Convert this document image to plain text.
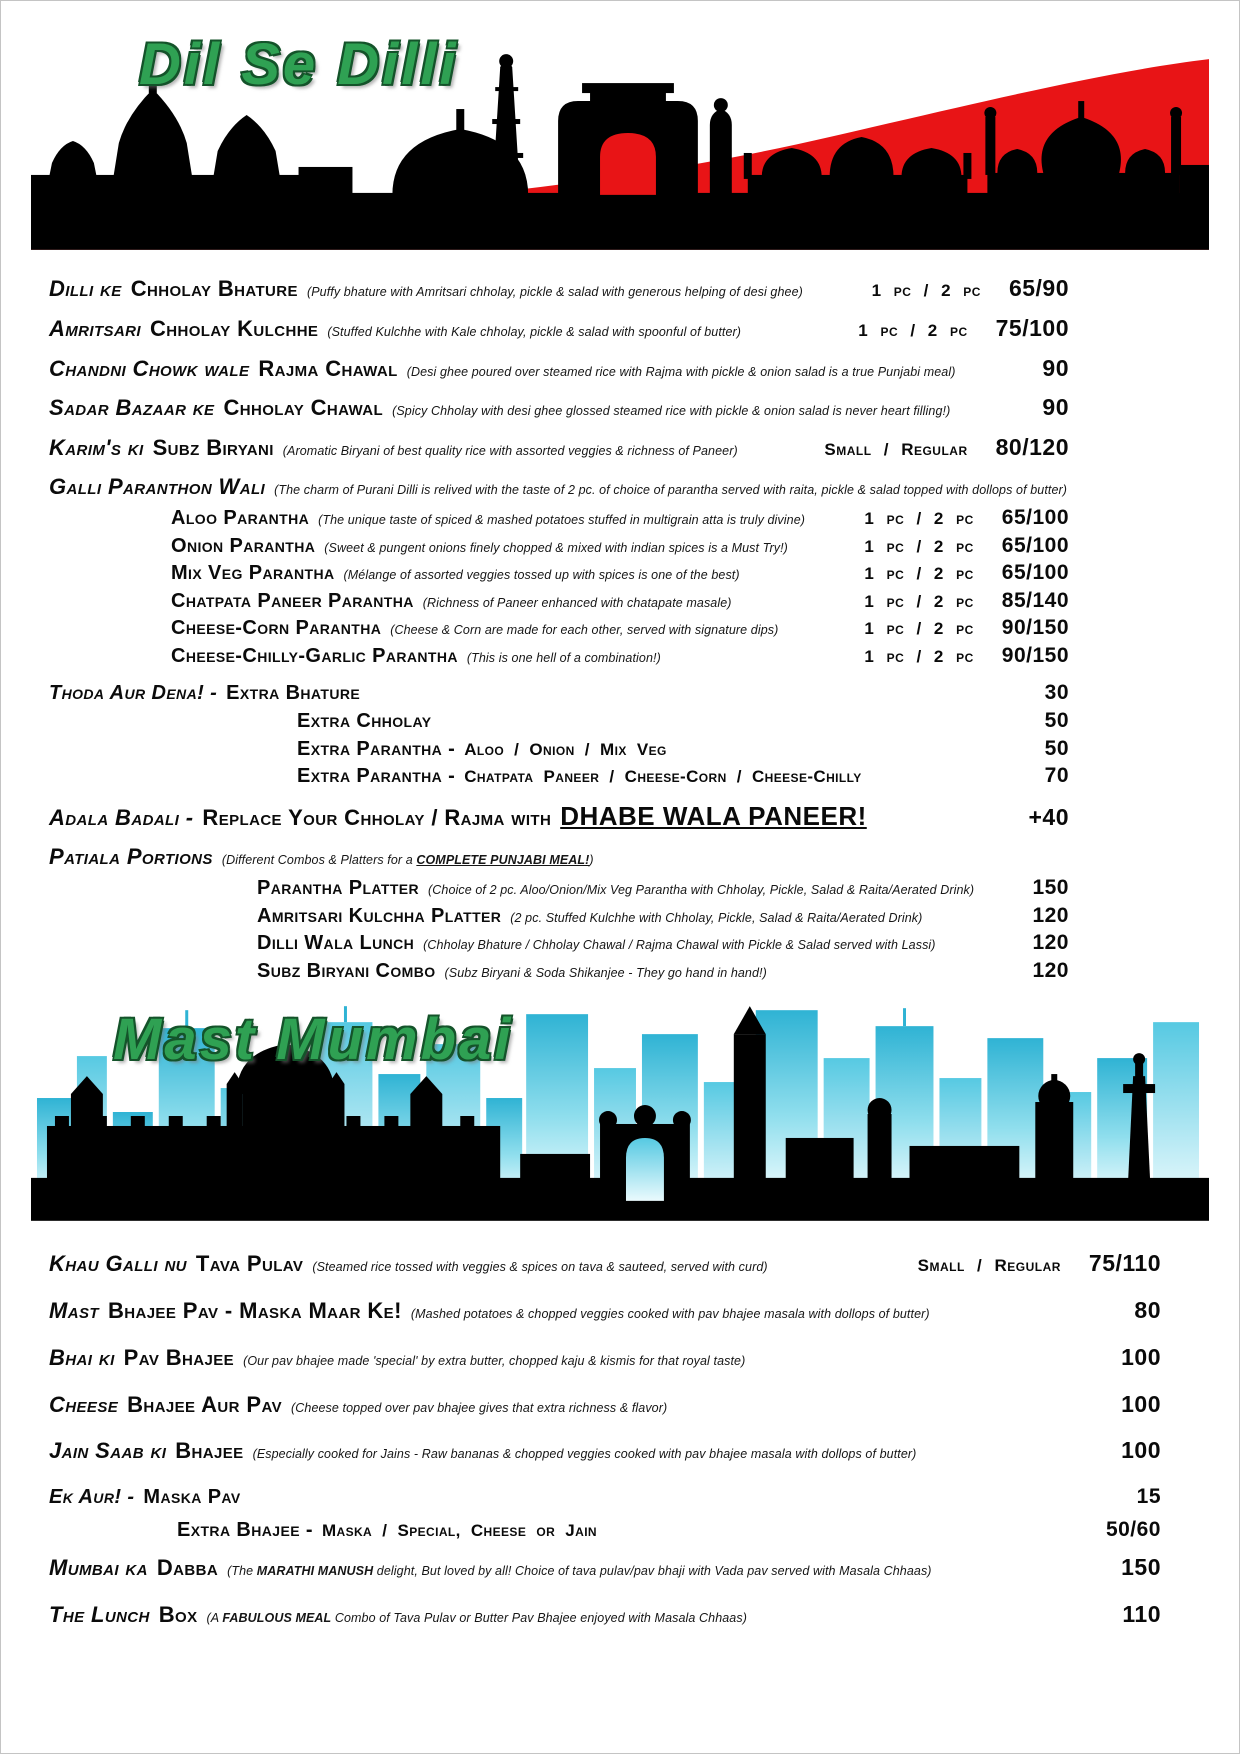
Dil Se Dilli
Dilli ke Chholay Bhature (Puffy bhature with Amritsari chholay, pickle & salad with generous helping of desi ghee)	1 pc / 2 pc	65/90
Amritsari Chholay Kulchhe (Stuffed Kulchhe with Kale chholay, pickle & salad with spoonful of butter)	1 pc / 2 pc	75/100
Chandni Chowk wale Rajma Chawal (Desi ghee poured over steamed rice with Rajma with pickle & onion salad is a true Punjabi meal)	90
Sadar Bazaar ke Chholay Chawal (Spicy Chholay with desi ghee glossed steamed rice with pickle & onion salad is never heart filling!)	90
Karim's ki Subz Biryani (Aromatic Biryani of best quality rice with assorted veggies & richness of Paneer)	Small / Regular	80/120
Galli Paranthon Wali (The charm of Purani Dilli is relived with the taste of 2 pc. of choice of parantha served with raita, pickle & salad topped with dollops of butter)
Aloo Parantha (The unique taste of spiced & mashed potatoes stuffed in multigrain atta is truly divine)	1 pc / 2 pc	65/100
Onion Parantha (Sweet & pungent onions finely chopped & mixed with indian spices is a Must Try!)	1 pc / 2 pc	65/100
Mix Veg Parantha (Mélange of assorted veggies tossed up with spices is one of the best)	1 pc / 2 pc	65/100
Chatpata Paneer Parantha (Richness of Paneer enhanced with chatapate masale)	1 pc / 2 pc	85/140
Cheese-Corn Parantha (Cheese & Corn are made for each other, served with signature dips)	1 pc / 2 pc	90/150
Cheese-Chilly-Garlic Parantha (This is one hell of a combination!)	1 pc / 2 pc	90/150
Thoda Aur Dena! - Extra Bhature	30
Extra Chholay	50
Extra Parantha - Aloo / Onion / Mix Veg	50
Extra Parantha - Chatpata Paneer / Cheese-Corn / Cheese-Chilly	70
Adala Badali - Replace Your Chholay / Rajma with DHABE WALA PANEER!	+40
Patiala Portions (Different Combos & Platters for a COMPLETE PUNJABI MEAL!)
Parantha Platter (Choice of 2 pc. Aloo/Onion/Mix Veg Parantha with Chholay, Pickle, Salad & Raita/Aerated Drink)	150
Amritsari Kulchha Platter (2 pc. Stuffed Kulchhe with Chholay, Pickle, Salad & Raita/Aerated Drink)	120
Dilli Wala Lunch (Chholay Bhature / Chholay Chawal / Rajma Chawal with Pickle & Salad served with Lassi)	120
Subz Biryani Combo (Subz Biryani & Soda Shikanjee - They go hand in hand!)	120
Mast Mumbai
Khau Galli nu Tava Pulav (Steamed rice tossed with veggies & spices on tava & sauteed, served with curd)	Small / Regular	75/110
Mast Bhajee Pav - Maska Maar Ke! (Mashed potatoes & chopped veggies cooked with pav bhajee masala with dollops of butter)	80
Bhai ki Pav Bhajee (Our pav bhajee made 'special' by extra butter, chopped kaju & kismis for that royal taste)	100
Cheese Bhajee Aur Pav (Cheese topped over pav bhajee gives that extra richness & flavor)	100
Jain Saab ki Bhajee (Especially cooked for Jains - Raw bananas & chopped veggies cooked with pav bhajee masala with dollops of butter)	100
Ek Aur! - Maska Pav	15
Extra Bhajee - Maska / Special, Cheese or Jain	50/60
Mumbai ka Dabba (The MARATHI MANUSH delight, But loved by all! Choice of tava pulav/pav bhaji with Vada pav served with Masala Chhaas)	150
The Lunch Box (A FABULOUS MEAL Combo of Tava Pulav or Butter Pav Bhajee enjoyed with Masala Chhaas)	110
